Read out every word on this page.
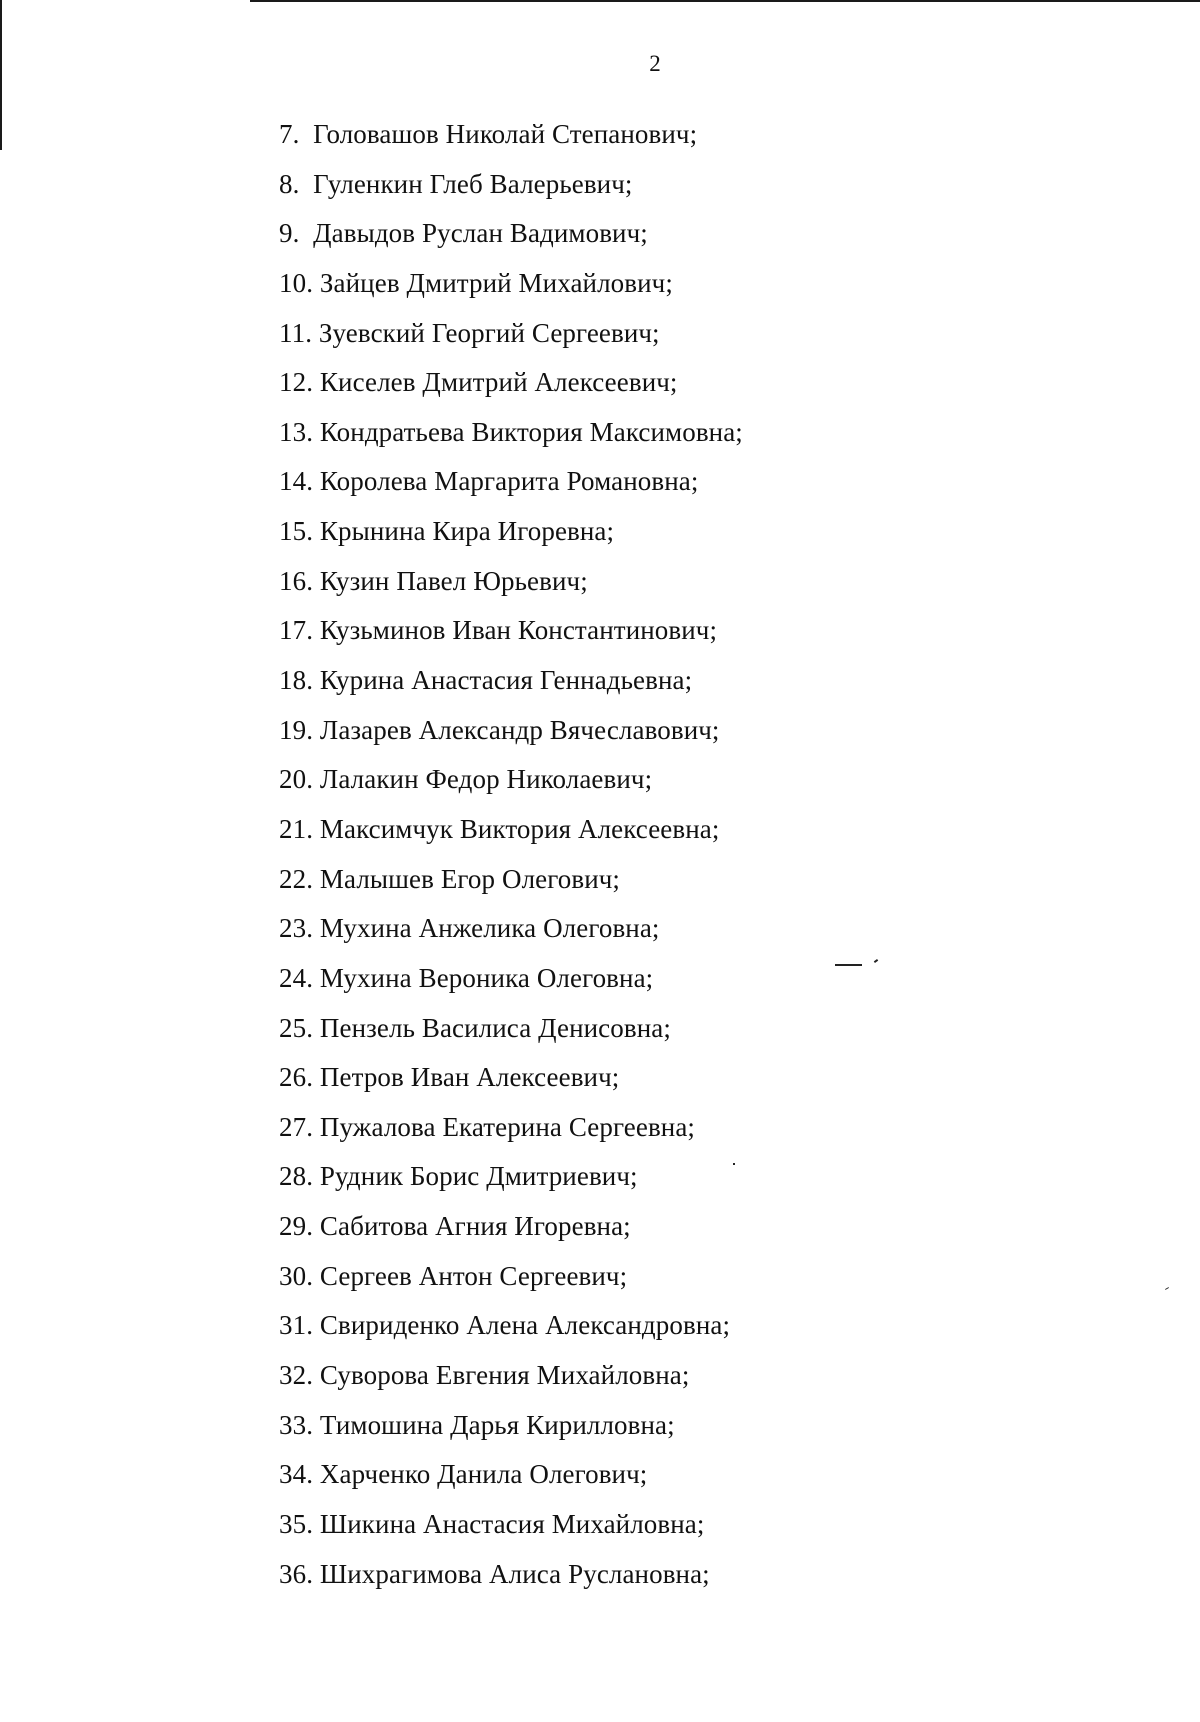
2
7. Головашов Николай Степанович;
8. Гуленкин Глеб Валерьевич;
9. Давыдов Руслан Вадимович;
10. Зайцев Дмитрий Михайлович;
11. Зуевский Георгий Сергеевич;
12. Киселев Дмитрий Алексеевич;
13. Кондратьева Виктория Максимовна;
14. Королева Маргарита Романовна;
15. Крынина Кира Игоревна;
16. Кузин Павел Юрьевич;
17. Кузьминов Иван Константинович;
18. Курина Анастасия Геннадьевна;
19. Лазарев Александр Вячеславович;
20. Лалакин Федор Николаевич;
21. Максимчук Виктория Алексеевна;
22. Малышев Егор Олегович;
23. Мухина Анжелика Олеговна;
24. Мухина Вероника Олеговна;
25. Пензель Василиса Денисовна;
26. Петров Иван Алексеевич;
27. Пужалова Екатерина Сергеевна;
28. Рудник Борис Дмитриевич;
29. Сабитова Агния Игоревна;
30. Сергеев Антон Сергеевич;
31. Свириденко Алена Александровна;
32. Суворова Евгения Михайловна;
33. Тимошина Дарья Кирилловна;
34. Харченко Данила Олегович;
35. Шикина Анастасия Михайловна;
36. Шихрагимова Алиса Руслановна;
